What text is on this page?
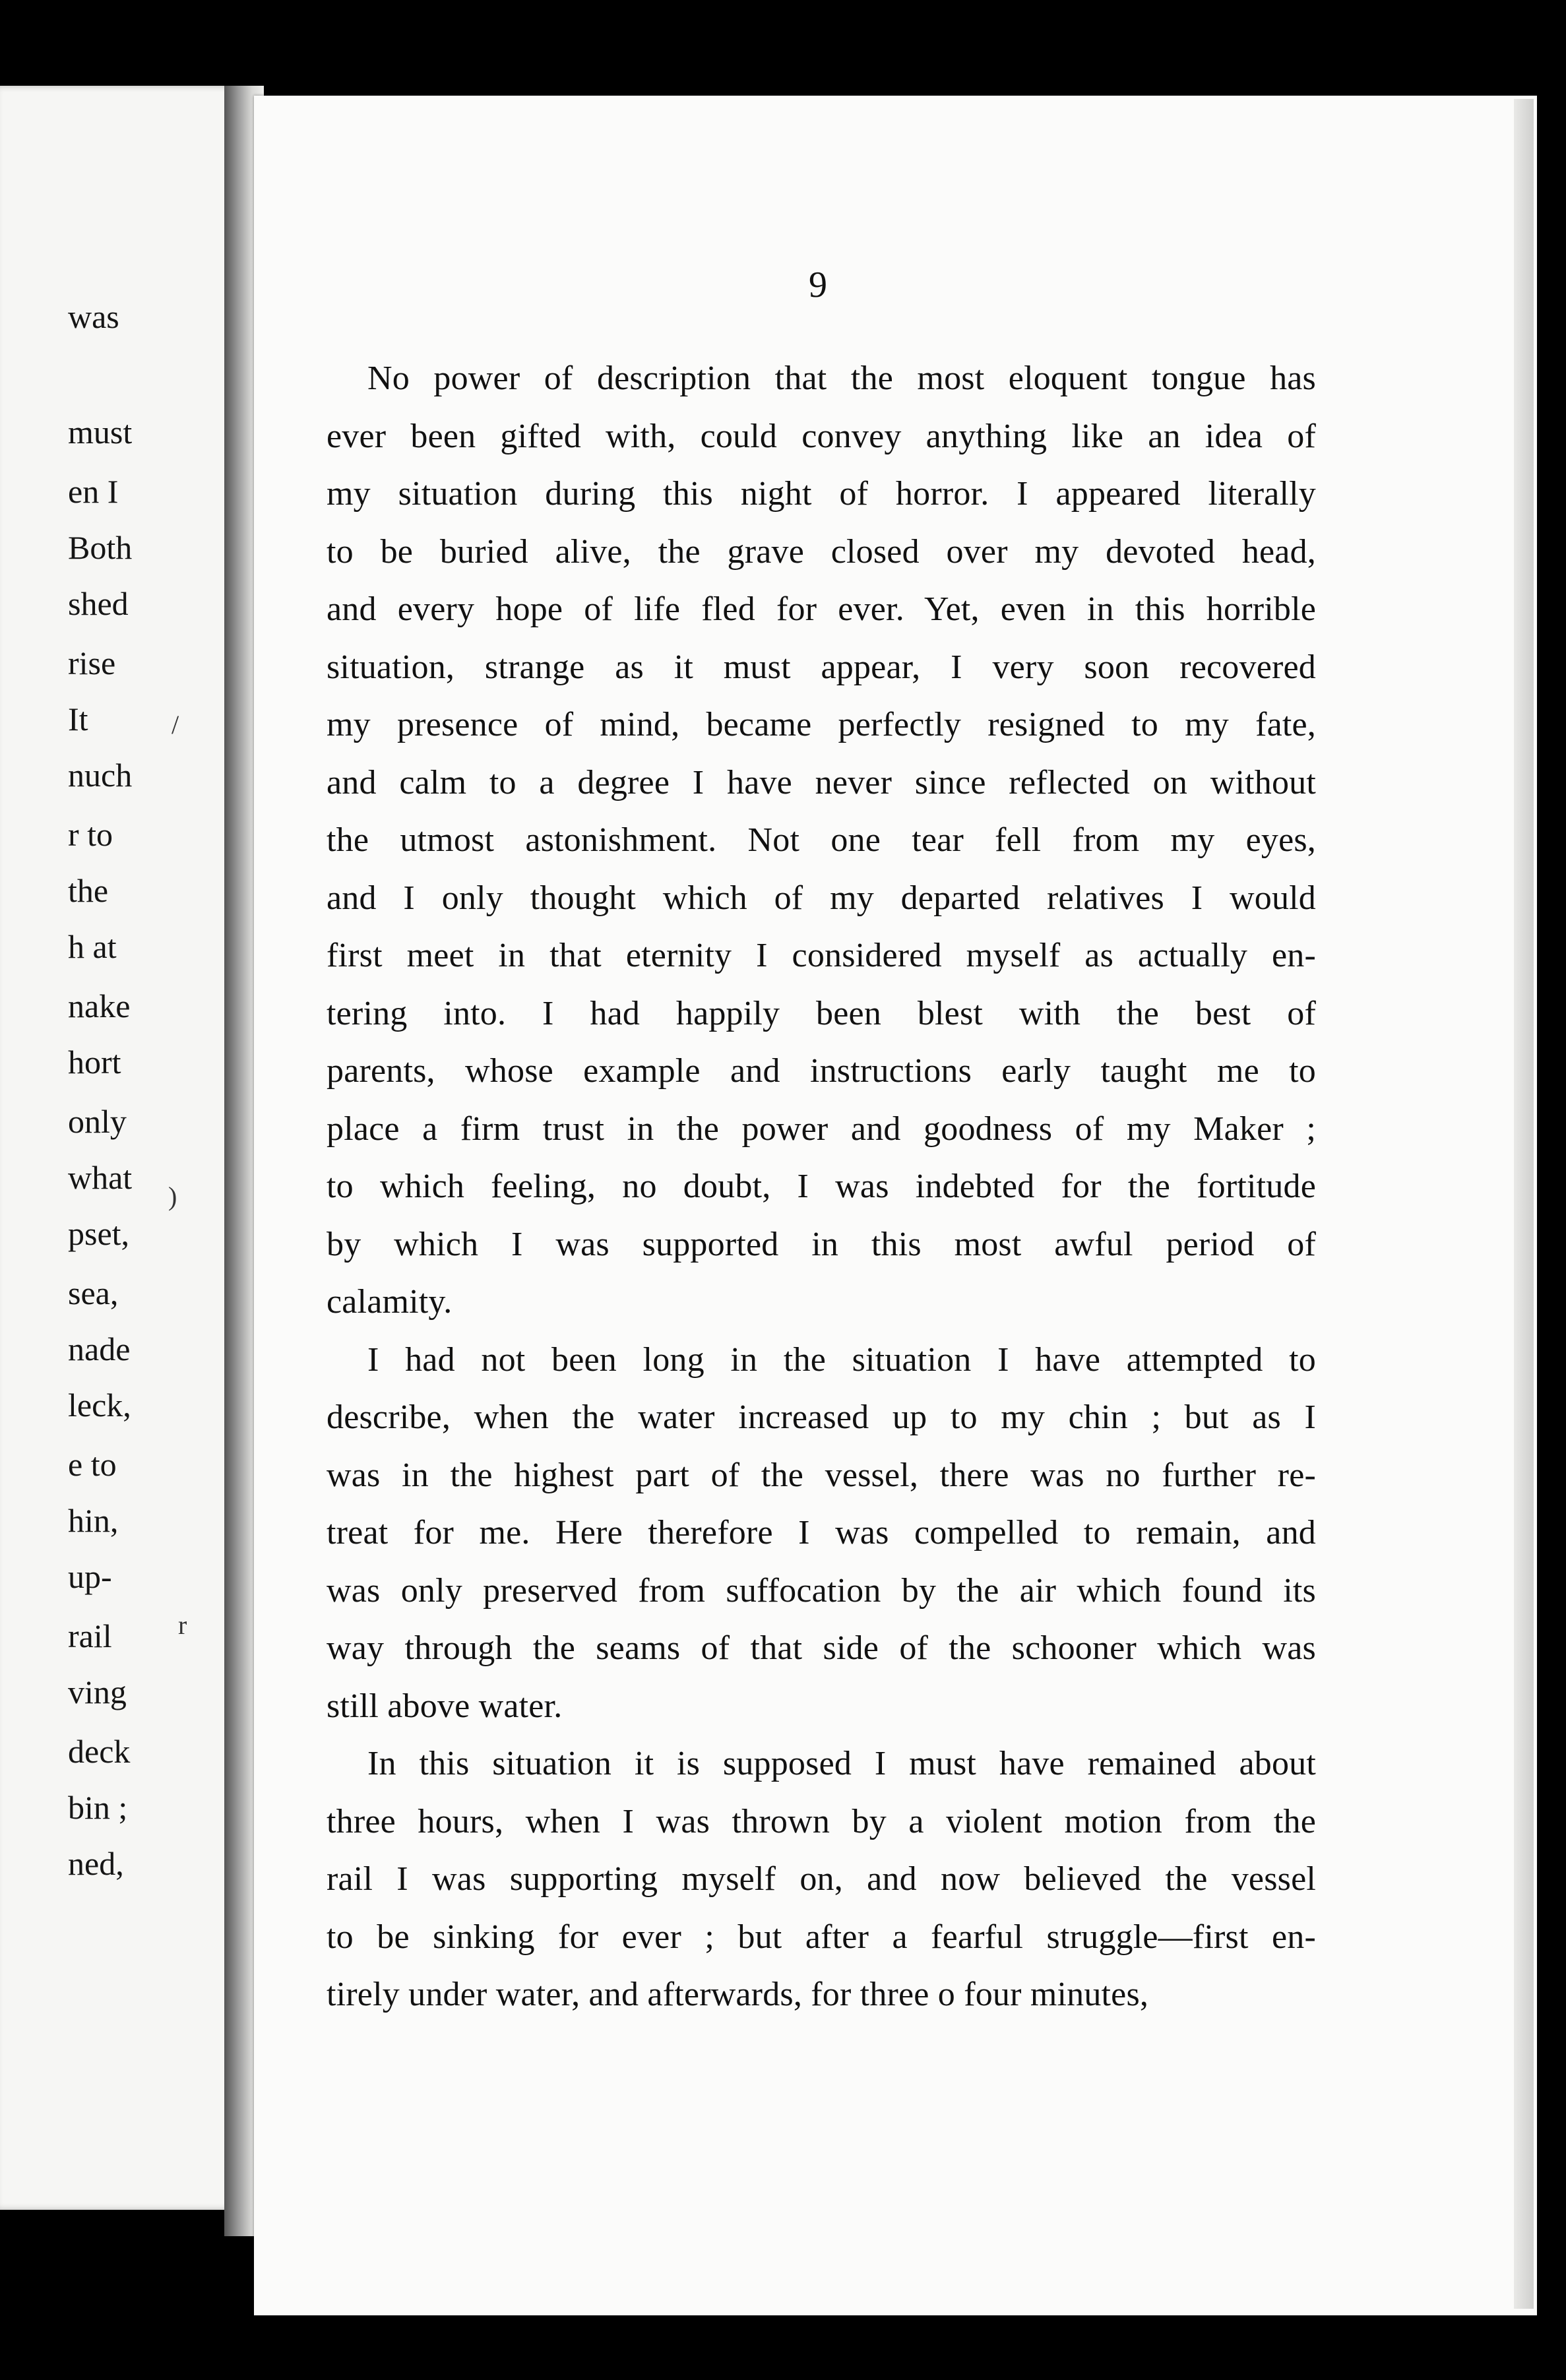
was
must
en I
Both
shed
rise
It
nuch
r to
the
h at
nake
hort
only
what
pset,
sea,
nade
leck,
e to
hin,
up-
rail
ving
deck
bin ;
ned,
9
No power of description that the most eloquent tongue has
ever been gifted with, could convey anything like an idea of
my situation during this night of horror. I appeared literally
to be buried alive, the grave closed over my devoted head,
and every hope of life fled for ever. Yet, even in this horrible
situation, strange as it must appear, I very soon recovered
my presence of mind, became perfectly resigned to my fate,
and calm to a degree I have never since reflected on without
the utmost astonishment. Not one tear fell from my eyes,
and I only thought which of my departed relatives I would
first meet in that eternity I considered myself as actually en-
tering into. I had happily been blest with the best of
parents, whose example and instructions early taught me to
place a firm trust in the power and goodness of my Maker ;
to which feeling, no doubt, I was indebted for the fortitude
by which I was supported in this most awful period of
calamity.
I had not been long in the situation I have attempted to
describe, when the water increased up to my chin ; but as I
was in the highest part of the vessel, there was no further re-
treat for me. Here therefore I was compelled to remain, and
was only preserved from suffocation by the air which found its
way through the seams of that side of the schooner which was
still above water.
In this situation it is supposed I must have remained about
three hours, when I was thrown by a violent motion from the
rail I was supporting myself on, and now believed the vessel
to be sinking for ever ; but after a fearful struggle—first en-
tirely under water, and afterwards, for three o four minutes,
/
)
r
